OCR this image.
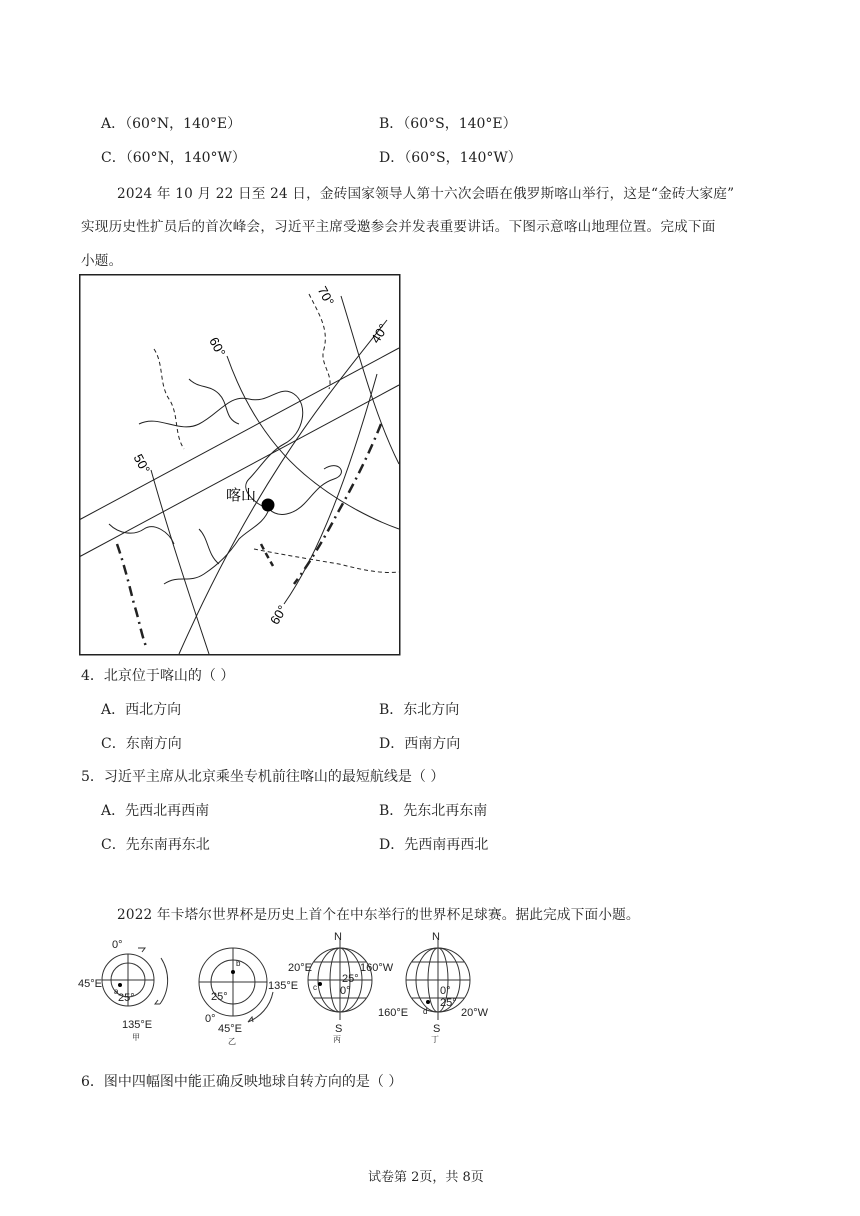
A．（60°N，140°E）	B．（60°S，140°E）
C．（60°N，140°W）	D．（60°S，140°W）
2024 年 10 月 22 日至 24 日，金砖国家领导人第十六次会晤在俄罗斯喀山举行，这是“金砖大家庭”
实现历史性扩员后的首次峰会，习近平主席受邀参会并发表重要讲话。下图示意喀山地理位置。完成下面
小题。
70°
60°
50°
40°
60°
喀山
4．北京位于喀山的（ ）
A．西北方向	B．东北方向
C．东南方向	D．西南方向
5．习近平主席从北京乘坐专机前往喀山的最短航线是（ ）
A．先西北再西南	B．先东北再东南
C．先东南再东北	D．先西南再西北
2022 年卡塔尔世界杯是历史上首个在中东举行的世界杯足球赛。据此完成下面小题。
0°
45°E
25°
a
135°E
甲
b
135°E
25°
0°
45°E
乙
N
S
20°E	160°W
25°
0°
c
丙
N
S
160°E	20°W
25°
0°
d
丁
6．图中四幅图中能正确反映地球自转方向的是（ ）
试卷第 2页，共 8页
